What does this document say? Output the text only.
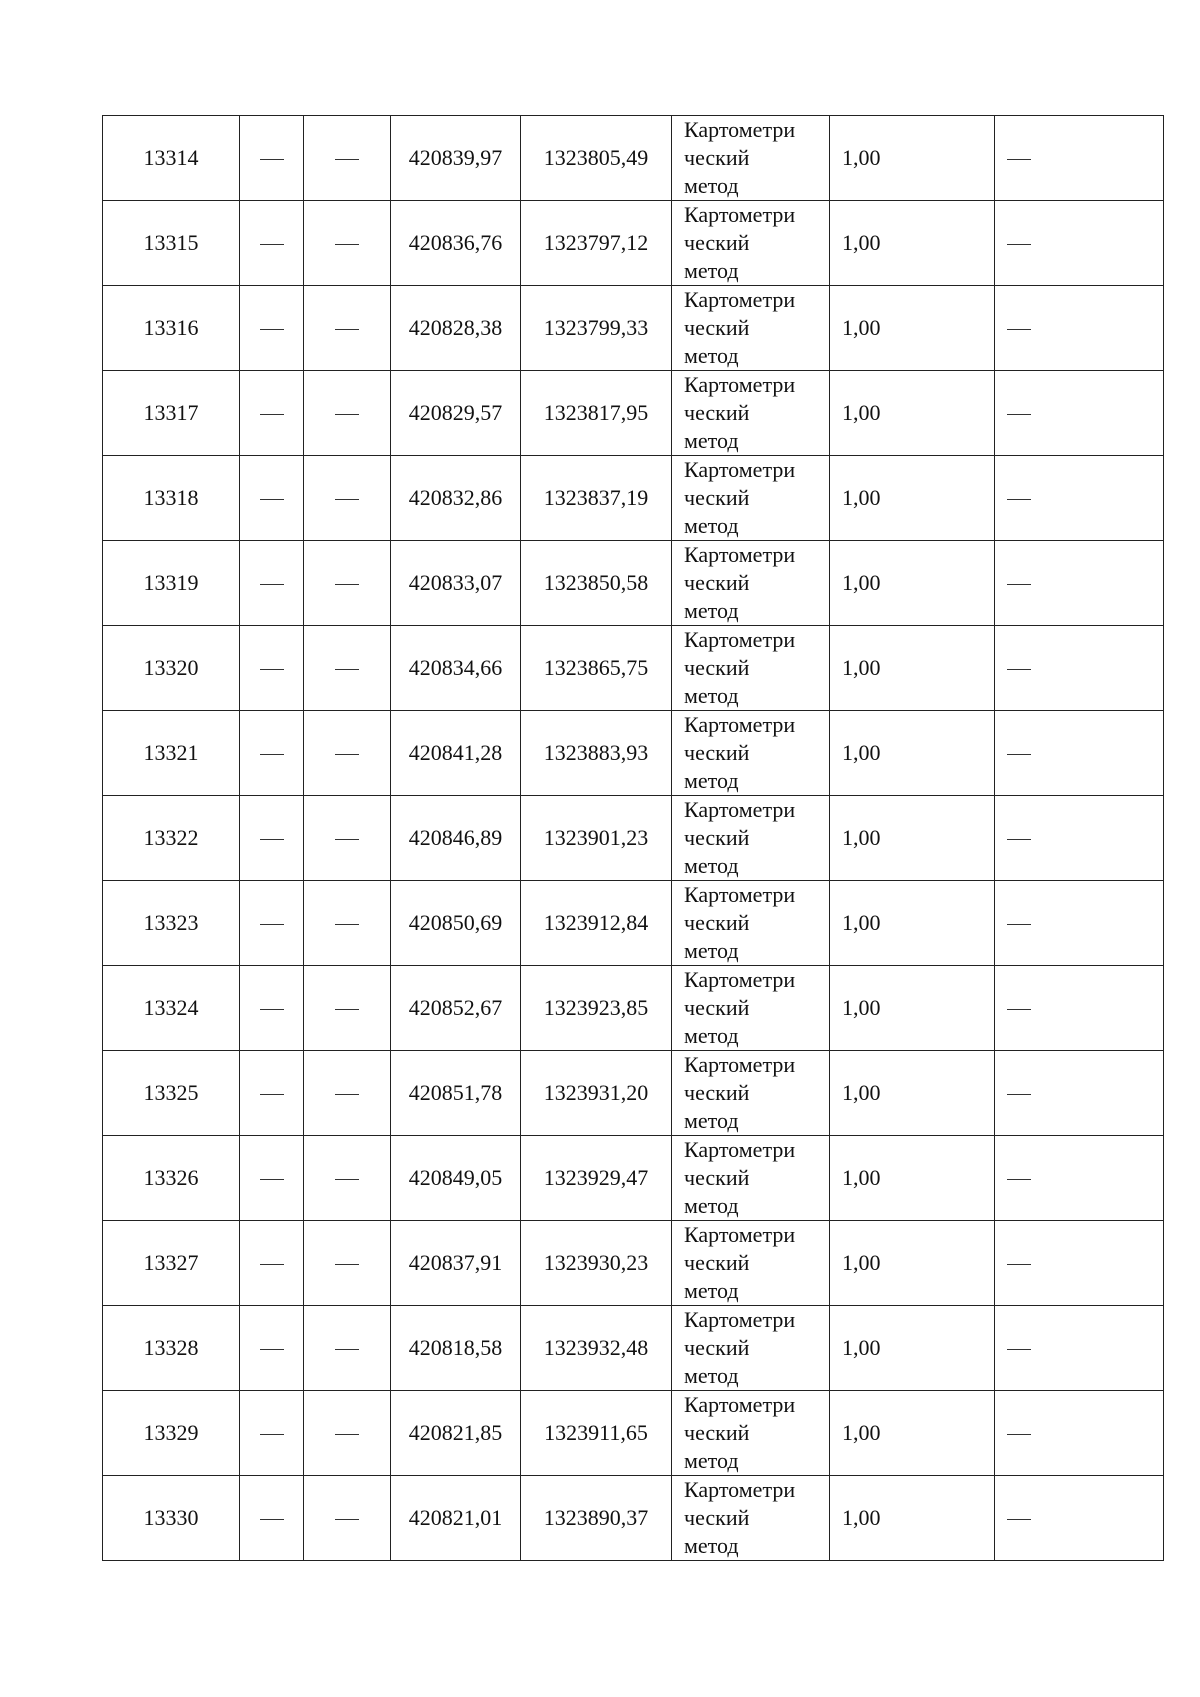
13314			420839,97	1323805,49	Картометри
ческий
метод	1,00	
13315			420836,76	1323797,12	Картометри
ческий
метод	1,00	
13316			420828,38	1323799,33	Картометри
ческий
метод	1,00	
13317			420829,57	1323817,95	Картометри
ческий
метод	1,00	
13318			420832,86	1323837,19	Картометри
ческий
метод	1,00	
13319			420833,07	1323850,58	Картометри
ческий
метод	1,00	
13320			420834,66	1323865,75	Картометри
ческий
метод	1,00	
13321			420841,28	1323883,93	Картометри
ческий
метод	1,00	
13322			420846,89	1323901,23	Картометри
ческий
метод	1,00	
13323			420850,69	1323912,84	Картометри
ческий
метод	1,00	
13324			420852,67	1323923,85	Картометри
ческий
метод	1,00	
13325			420851,78	1323931,20	Картометри
ческий
метод	1,00	
13326			420849,05	1323929,47	Картометри
ческий
метод	1,00	
13327			420837,91	1323930,23	Картометри
ческий
метод	1,00	
13328			420818,58	1323932,48	Картометри
ческий
метод	1,00	
13329			420821,85	1323911,65	Картометри
ческий
метод	1,00	
13330			420821,01	1323890,37	Картометри
ческий
метод	1,00	
